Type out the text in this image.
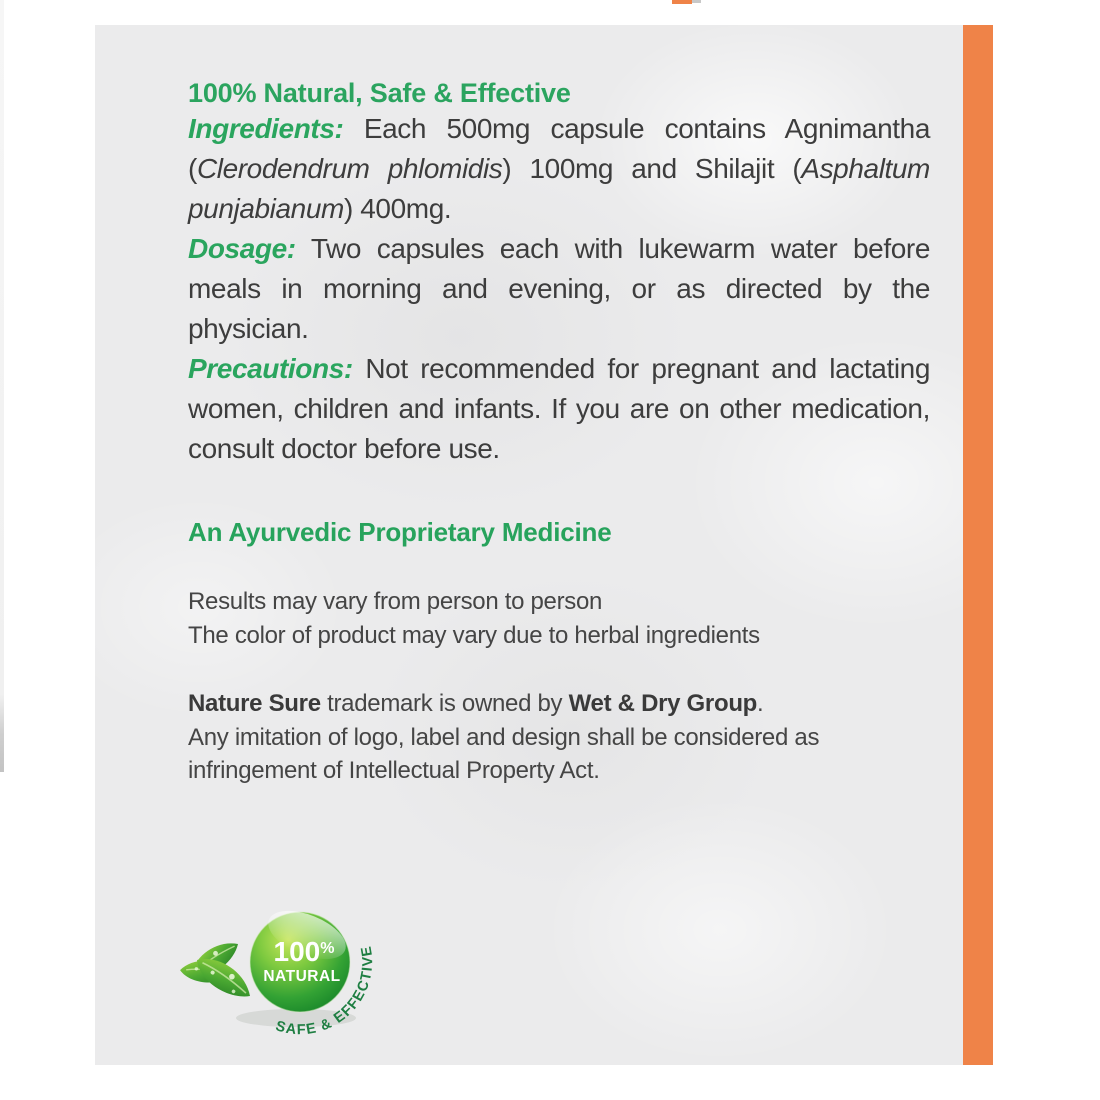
100% Natural, Safe & Effective

Ingredients: Each 500mg capsule contains Agnimantha (Clerodendrum phlomidis) 100mg and Shilajit (Asphaltum punjabianum) 400mg.

Dosage: Two capsules each with lukewarm water before meals in morning and evening, or as directed by the physician.

Precautions: Not recommended for pregnant and lactating women, children and infants. If you are on other medication, consult doctor before use.

An Ayurvedic Proprietary Medicine
Results may vary from person to person
The color of product may vary due to herbal ingredients
Nature Sure trademark is owned by Wet & Dry Group.
Any imitation of logo, label and design shall be considered as infringement of Intellectual Property Act.
100%
NATURAL
SAFE & EFFECTIVE
